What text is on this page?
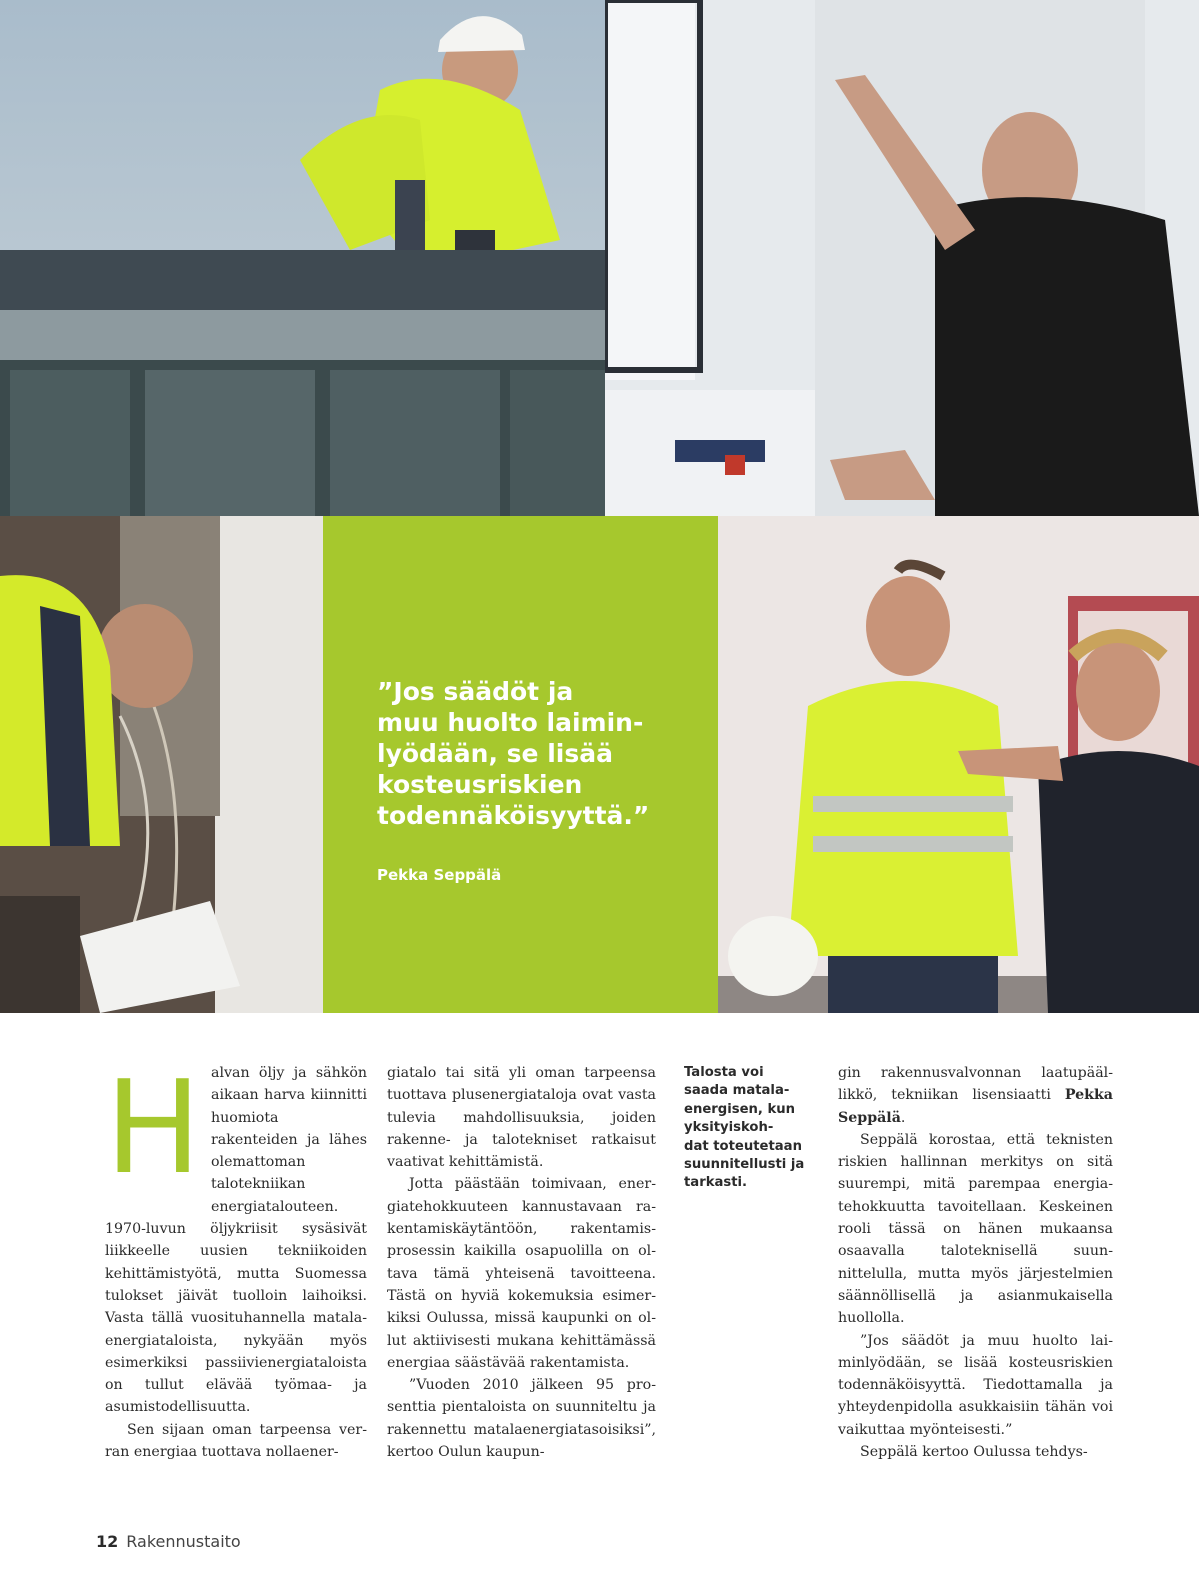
”Jos säädöt ja
muu huolto laimin-
lyödään, se lisää
kosteusriskien
todennäköisyyttä.”
Pekka Seppälä
H alvan öljy ja sähkön aikaan harva kiinnitti huomiota rakenteiden ja lähes olemattoman talotekniikan energiatalouteen. 1970-luvun öljykriisit sysäsivät liikkeelle uusien tekniikoiden kehittämistyötä, mutta Suomessa tulokset jäivät tuolloin laihoiksi. Vasta tällä vuosituhannella matalaenergiataloista, nykyään myös esimerkiksi passiivienergiataloista on tullut elävää työmaa- ja asumistodellisuutta.

Sen sijaan oman tarpeensa verran energiaa tuottava nollaener-

giatalo tai sitä yli oman tarpeensa tuottava plusenergiataloja ovat vasta tulevia mahdollisuuksia, joiden rakenne- ja talotekniset ratkaisut vaativat kehittämistä.

Jotta päästään toimivaan, energiatehokkuuteen kannustavaan rakentamiskäytäntöön, rakentamisprosessin kaikilla osapuolilla on oltava tämä yhteisenä tavoitteena. Tästä on hyviä kokemuksia esimerkiksi Oulussa, missä kaupunki on ollut aktiivisesti mukana kehittämässä energiaa säästävää rakentamista.

”Vuoden 2010 jälkeen 95 prosenttia pientaloista on suunniteltu ja rakennettu matalaenergiatasoisiksi”, kertoo Oulun kaupun-

Talosta voi
saada matala-
energisen, kun
yksityiskoh-
dat toteutetaan
suunnitellusti ja
tarkasti.

gin rakennusvalvonnan laatupäällikkö, tekniikan lisensiaatti Pekka Seppälä.

Seppälä korostaa, että teknisten riskien hallinnan merkitys on sitä suurempi, mitä parempaa energiatehokkuutta tavoitellaan. Keskeinen rooli tässä on hänen mukaansa osaavalla taloteknisellä suunnittelulla, mutta myös järjestelmien säännöllisellä ja asianmukaisella huollolla.

”Jos säädöt ja muu huolto laiminlyödään, se lisää kosteusriskien todennäköisyyttä. Tiedottamalla ja yhteydenpidolla asukkaisiin tähän voi vaikuttaa myönteisesti.”

Seppälä kertoo Oulussa tehdys-

12 Rakennustaito
